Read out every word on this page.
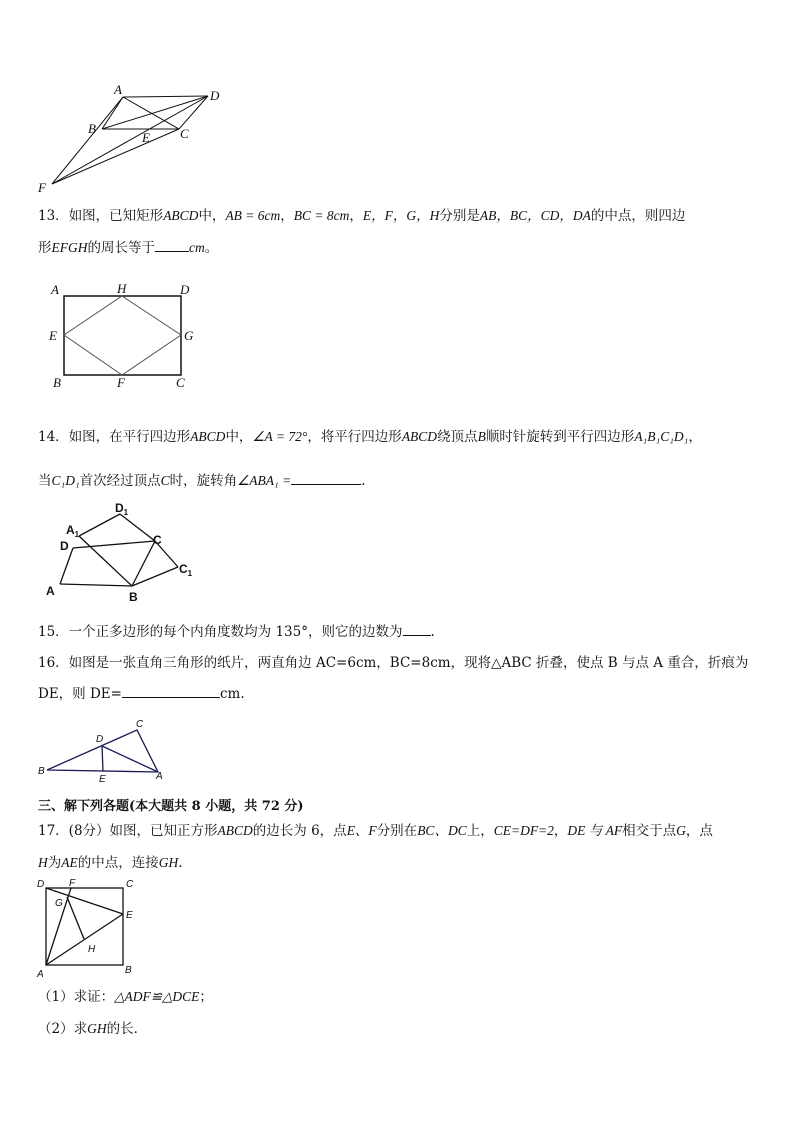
A	D
B
E C
F
13．如图，已知矩形ABCD中，AB = 6cm，BC = 8cm，E，F，G，H分别是AB，BC，CD，DA的中点，则四边
形EFGH的周长等于	cm。
A	H	D
E	G
B	F	C
14．如图，在平行四边形ABCD中，∠A = 72°，将平行四边形ABCD绕顶点B顺时针旋转到平行四边形A₁B₁C₁D₁，
当C₁D₁首次经过顶点C时，旋转角∠ABA₁ =	.
$D_1$
$A_1$
D	C
$C_1$
A	B
15．一个正多边形的每个内角度数均为 135°，则它的边数为 .
16．如图是一张直角三角形的纸片，两直角边 AC=6cm，BC=8cm，现将△ABC 折叠，使点 B 与点 A 重合，折痕为
DE，则 DE=	cm.
C
D
B
E	A
三、解下列各题(本大题共 8 小题，共 72 分)
17．(8分）如图，已知正方形ABCD的边长为 6，点E、F分别在BC、DC上，CE=DF=2，DE 与 AF相交于点G，点
H为AE的中点，连接GH.
D F	C
G
E
H
A	B
（1）求证：△ADF≌△DCE；
（2）求GH的长．
